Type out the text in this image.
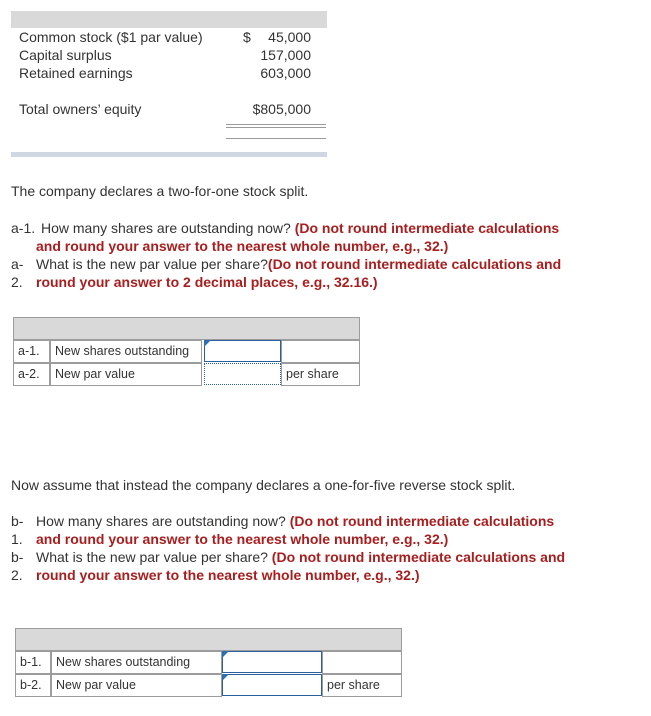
Common stock ($1 par value)	$ 45,000
Capital surplus	157,000
Retained earnings	603,000
Total owners’ equity	$805,000
The company declares a two-for-one stock split.
a-1. How many shares are outstanding now? (Do not round intermediate calculations
and round your answer to the nearest whole number, e.g., 32.)
a-
2.
What is the new par value per share?(Do not round intermediate calculations and
round your answer to 2 decimal places, e.g., 32.16.)
a-1.	New shares outstanding
a-2.	New par value	per share
Now assume that instead the company declares a one-for-five reverse stock split.
b-
1.
How many shares are outstanding now? (Do not round intermediate calculations
and round your answer to the nearest whole number, e.g., 32.)
b-
2.
What is the new par value per share? (Do not round intermediate calculations and
round your answer to the nearest whole number, e.g., 32.)
b-1.	New shares outstanding
b-2.	New par value	per share
